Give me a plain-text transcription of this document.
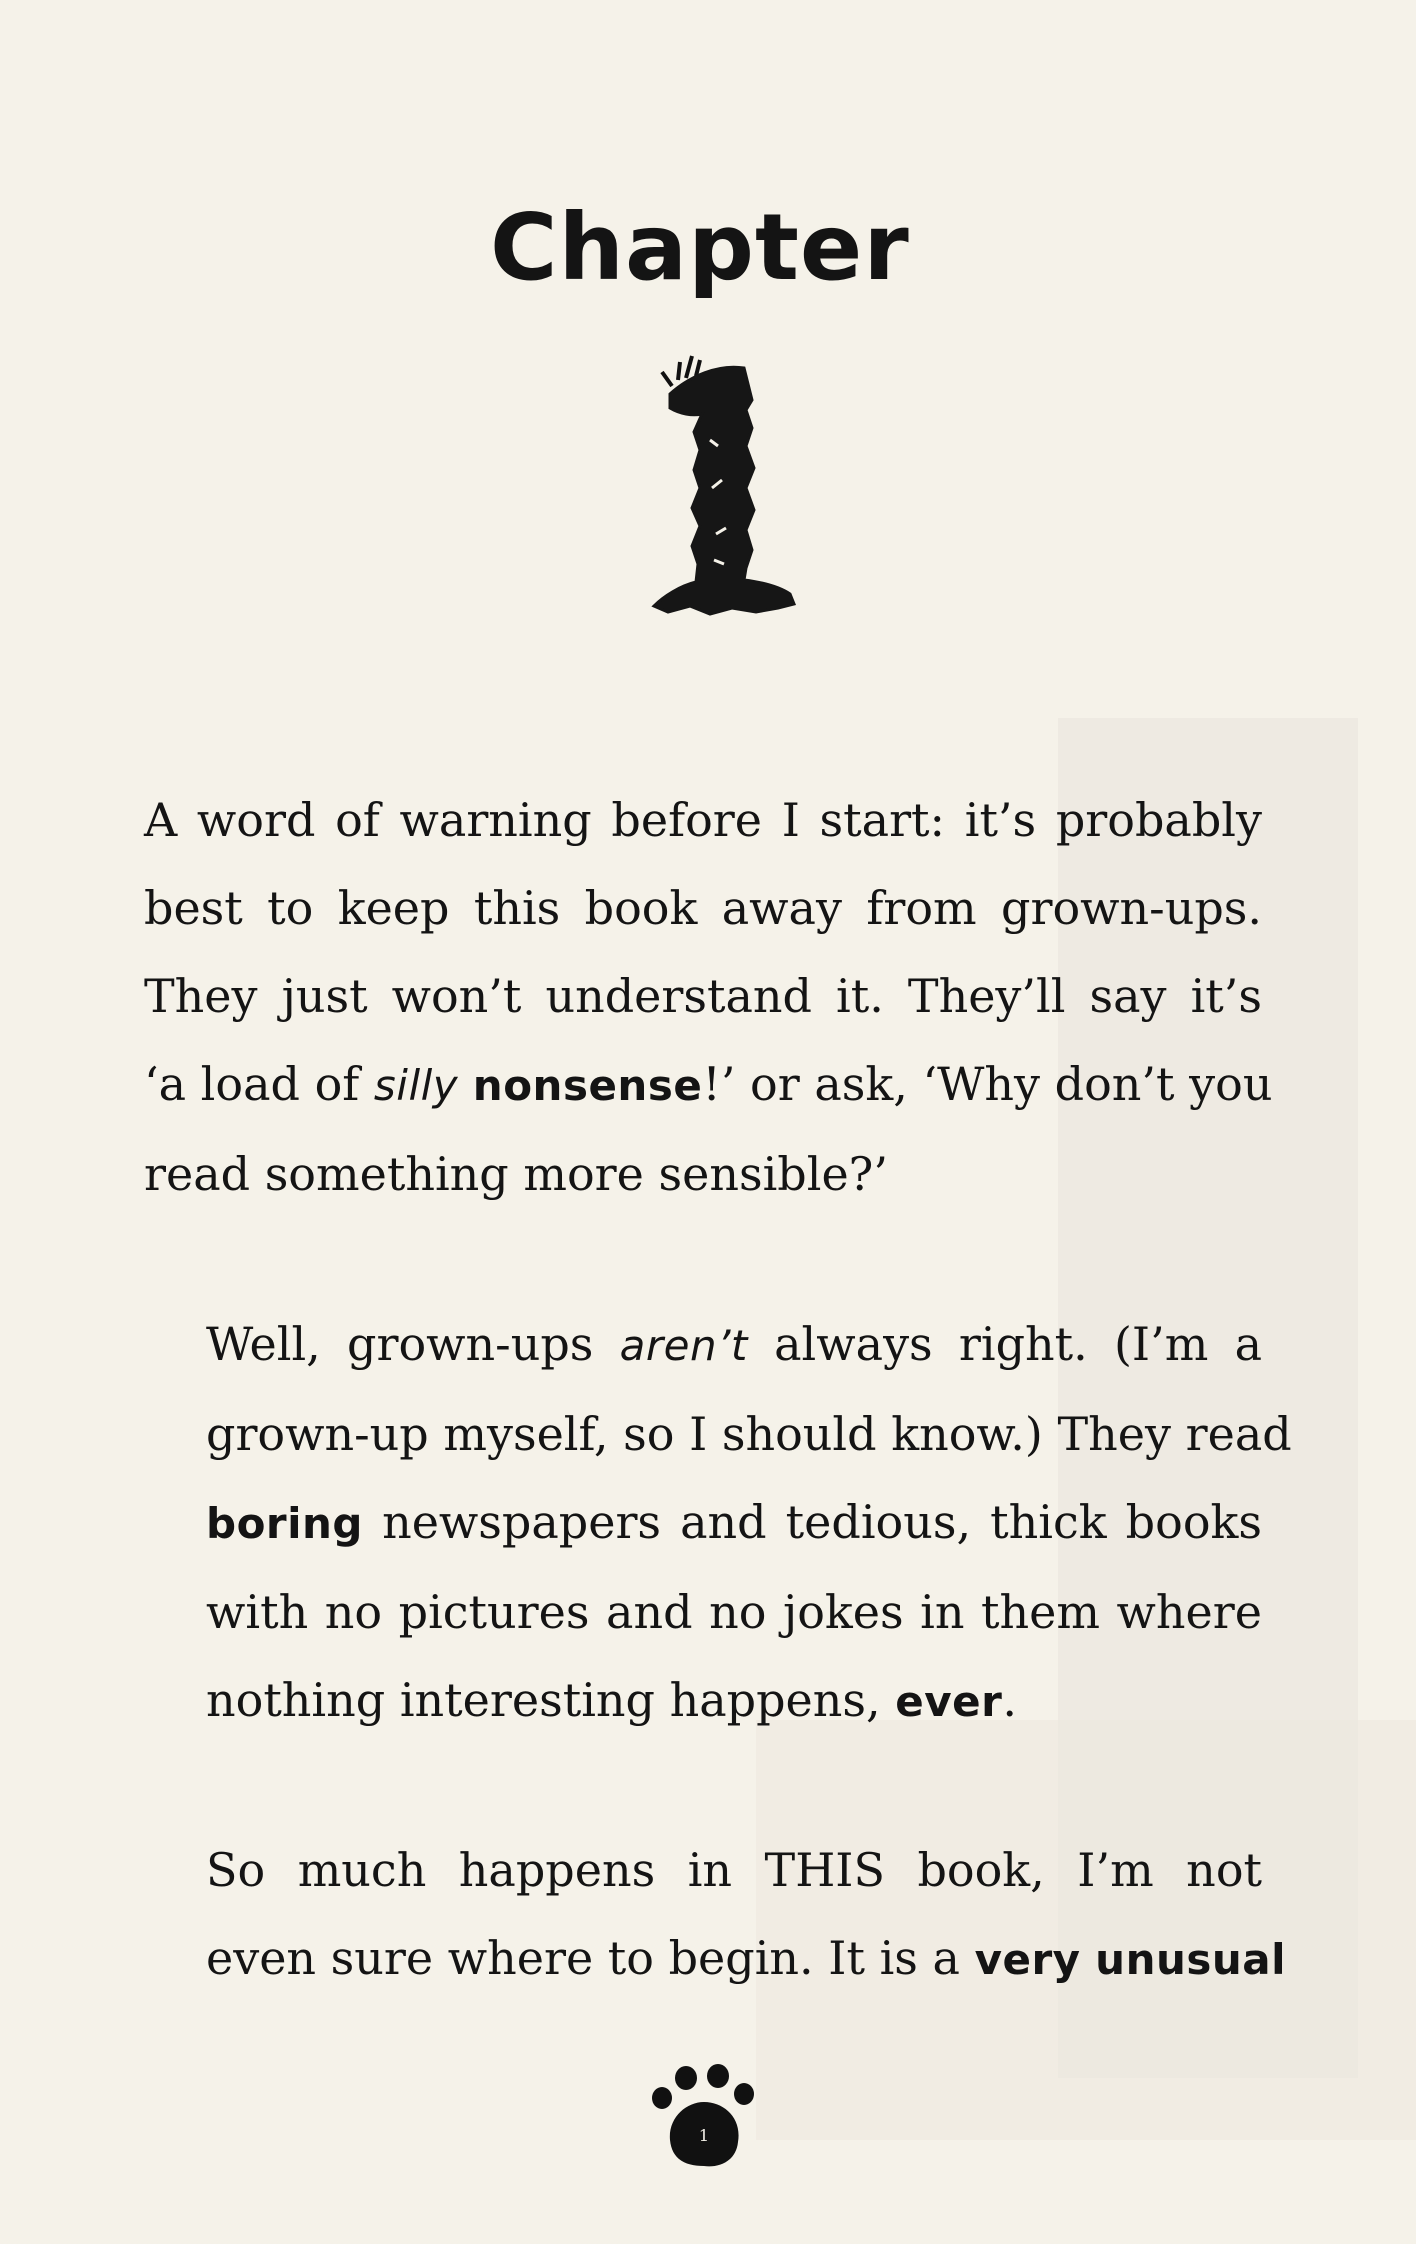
Chapter
1
A word of warning before I start: it’s probably
best to keep this book away from grown-ups.
They just won’t understand it. They’ll say it’s
‘a load of silly nonsense!’ or ask, ‘Why don’t you
read something more sensible?’
Well, grown-ups aren’t always right. (I’m a
grown-up myself, so I should know.) They read
boring newspapers and tedious, thick books
with no pictures and no jokes in them where
nothing interesting happens, ever.
So much happens in THIS book, I’m not
even sure where to begin. It is a very unusual
1
